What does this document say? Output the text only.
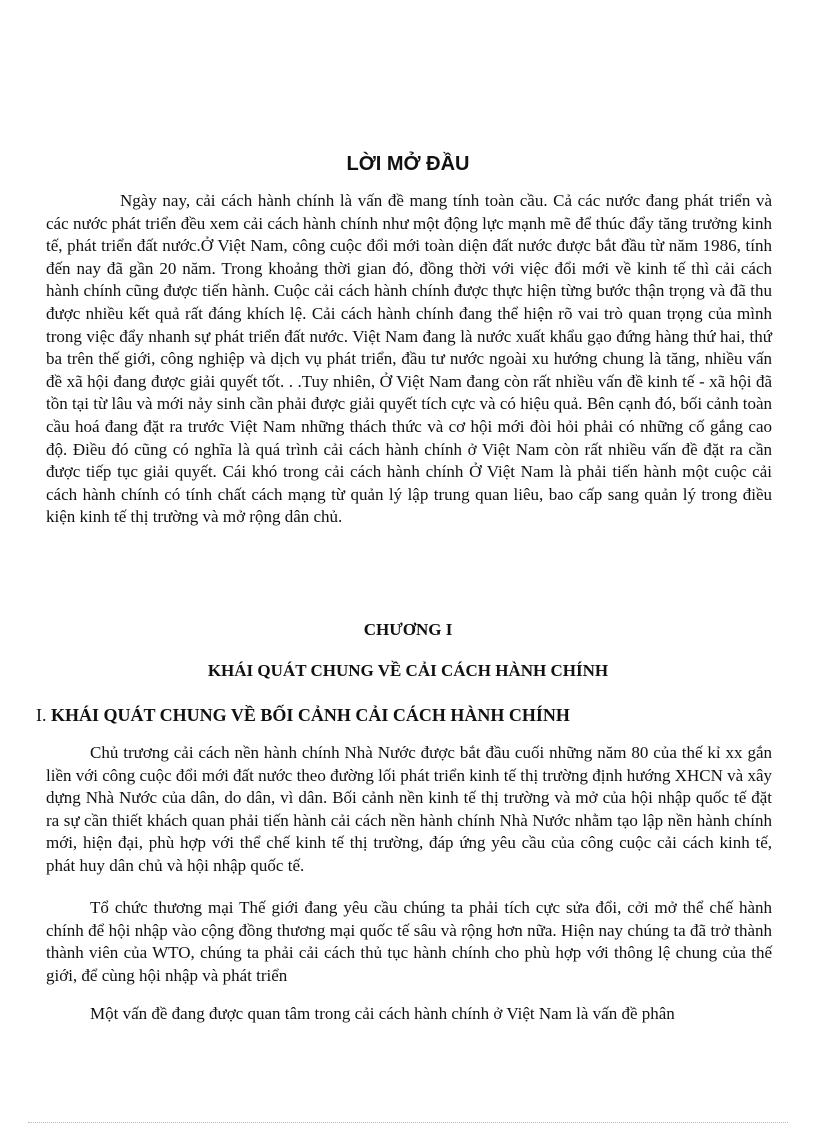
LỜI MỞ ĐẦU

Ngày nay, cải cách hành chính là vấn đề mang tính toàn cầu. Cả các nước đang phát triển và các nước phát triển đều xem cải cách hành chính như một động lực mạnh mẽ để thúc đẩy tăng trưởng kinh tế, phát triển đất nước.Ở Việt Nam, công cuộc đổi mới toàn diện đất nước được bắt đầu từ năm 1986, tính đến nay đã gần 20 năm. Trong khoảng thời gian đó, đồng thời với việc đổi mới về kinh tế thì cải cách hành chính cũng được tiến hành. Cuộc cải cách hành chính được thực hiện từng bước thận trọng và đã thu được nhiều kết quả rất đáng khích lệ. Cải cách hành chính đang thể hiện rõ vai trò quan trọng của mình trong việc đẩy nhanh sự phát triển đất nước. Việt Nam đang là nước xuất khẩu gạo đứng hàng thứ hai, thứ ba trên thế giới, công nghiệp và dịch vụ phát triển, đầu tư nước ngoài xu hướng chung là tăng, nhiều vấn đề xã hội đang được giải quyết tốt. . .Tuy nhiên, Ở Việt Nam đang còn rất nhiều vấn đề kinh tế - xã hội đã tồn tại từ lâu và mới nảy sinh cần phải được giải quyết tích cực và có hiệu quả. Bên cạnh đó, bối cảnh toàn cầu hoá đang đặt ra trước Việt Nam những thách thức và cơ hội mới đòi hỏi phải có những cố gắng cao độ. Điều đó cũng có nghĩa là quá trình cải cách hành chính ở Việt Nam còn rất nhiều vấn đề đặt ra cần được tiếp tục giải quyết. Cái khó trong cải cách hành chính Ở Việt Nam là phải tiến hành một cuộc cải cách hành chính có tính chất cách mạng từ quản lý lập trung quan liêu, bao cấp sang quản lý trong điều kiện kinh tế thị trường và mở rộng dân chủ.

CHƯƠNG I
KHÁI QUÁT CHUNG VỀ CẢI CÁCH HÀNH CHÍNH
I. KHÁI QUÁT CHUNG VỀ BỐI CẢNH CẢI CÁCH HÀNH CHÍNH

Chủ trương cải cách nền hành chính Nhà Nước được bắt đầu cuối những năm 80 của thế kỉ xx gắn liền với công cuộc đổi mới đất nước theo đường lối phát triển kinh tế thị trường định hướng XHCN và xây dựng Nhà Nước của dân, do dân, vì dân. Bối cảnh nền kinh tế thị trường và mở của hội nhập quốc tế đặt ra sự cần thiết khách quan phải tiến hành cải cách nền hành chính Nhà Nước nhằm tạo lập nền hành chính mới, hiện đại, phù hợp với thể chế kinh tế thị trường, đáp ứng yêu cầu của công cuộc cải cách kinh tế, phát huy dân chủ và hội nhập quốc tế.

Tổ chức thương mại Thế giới đang yêu cầu chúng ta phải tích cực sửa đổi, cởi mở thể chế hành chính để hội nhập vào cộng đồng thương mại quốc tế sâu và rộng hơn nữa. Hiện nay chúng ta đã trở thành thành viên của WTO, chúng ta phải cải cách thủ tục hành chính cho phù hợp với thông lệ chung của thế giới, để cùng hội nhập và phát triển

Một vấn đề đang được quan tâm trong cải cách hành chính ở Việt Nam là vấn đề phân
